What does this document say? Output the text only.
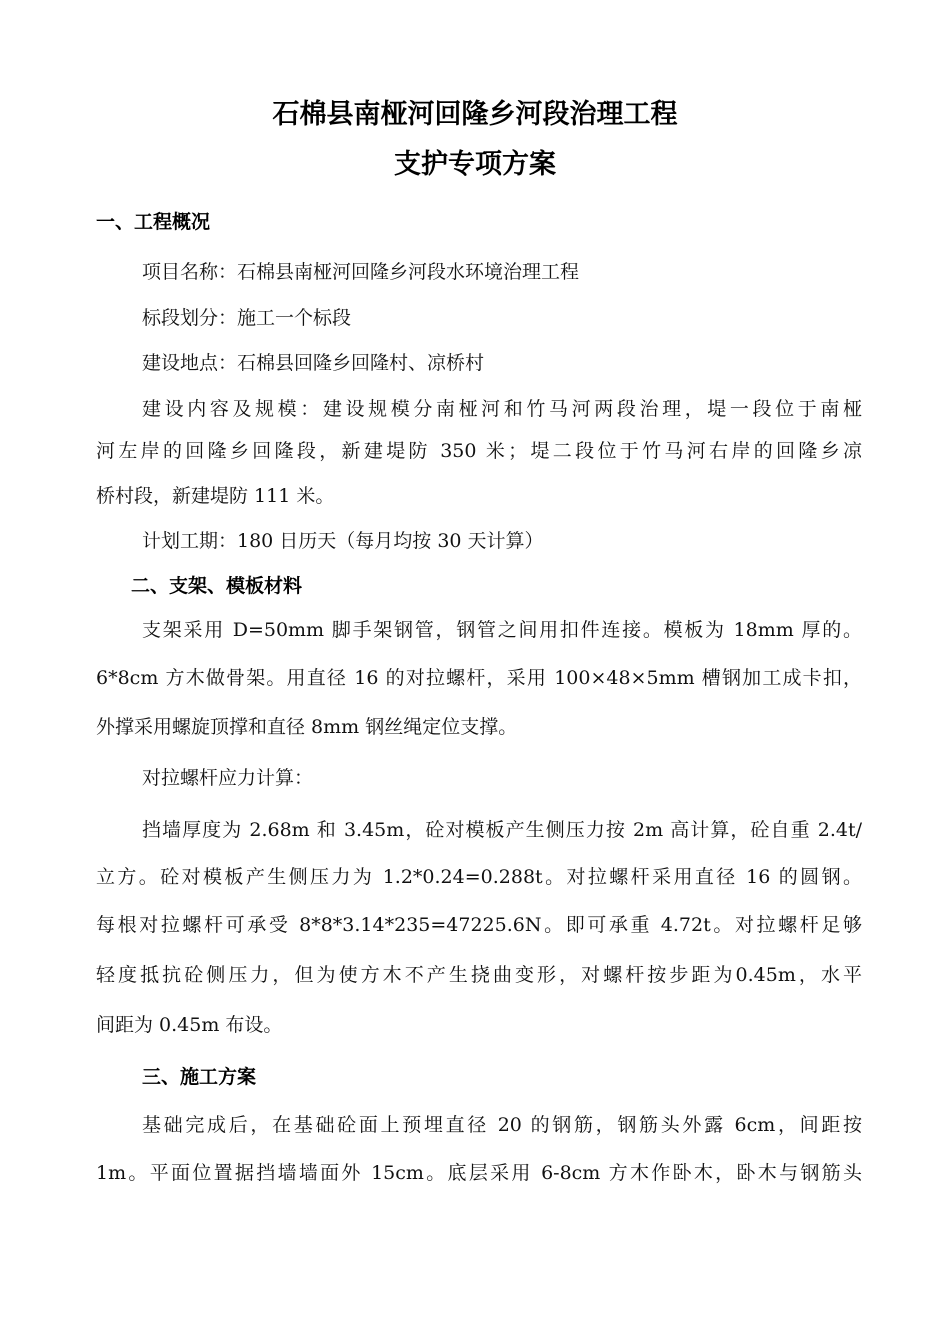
石棉县南桠河回隆乡河段治理工程
支护专项方案
一、工程概况
项目名称：石棉县南桠河回隆乡河段水环境治理工程
标段划分：施工一个标段
建设地点：石棉县回隆乡回隆村、凉桥村
建设内容及规模：建设规模分南桠河和竹马河两段治理，堤一段位于南桠
河左岸的回隆乡回隆段，新建堤防 350 米；堤二段位于竹马河右岸的回隆乡凉
桥村段，新建堤防 111 米。
计划工期：180 日历天（每月均按 30 天计算）
二、支架、模板材料
支架采用 D=50mm 脚手架钢管，钢管之间用扣件连接。模板为 18mm 厚的。
6*8cm 方木做骨架。用直径 16 的对拉螺杆，采用 100×48×5mm 槽钢加工成卡扣，
外撑采用螺旋顶撑和直径 8mm 钢丝绳定位支撑。
对拉螺杆应力计算：
挡墙厚度为 2.68m 和 3.45m，砼对模板产生侧压力按 2m 高计算，砼自重 2.4t/
立方。砼对模板产生侧压力为 1.2*0.24=0.288t。对拉螺杆采用直径 16 的圆钢。
每根对拉螺杆可承受 8*8*3.14*235=47225.6N。即可承重 4.72t。对拉螺杆足够
轻度抵抗砼侧压力，但为使方木不产生挠曲变形，对螺杆按步距为0.45m，水平
间距为 0.45m 布设。
三、施工方案
基础完成后，在基础砼面上预埋直径 20 的钢筋，钢筋头外露 6cm，间距按
1m。平面位置据挡墙墙面外 15cm。底层采用 6-8cm 方木作卧木，卧木与钢筋头
